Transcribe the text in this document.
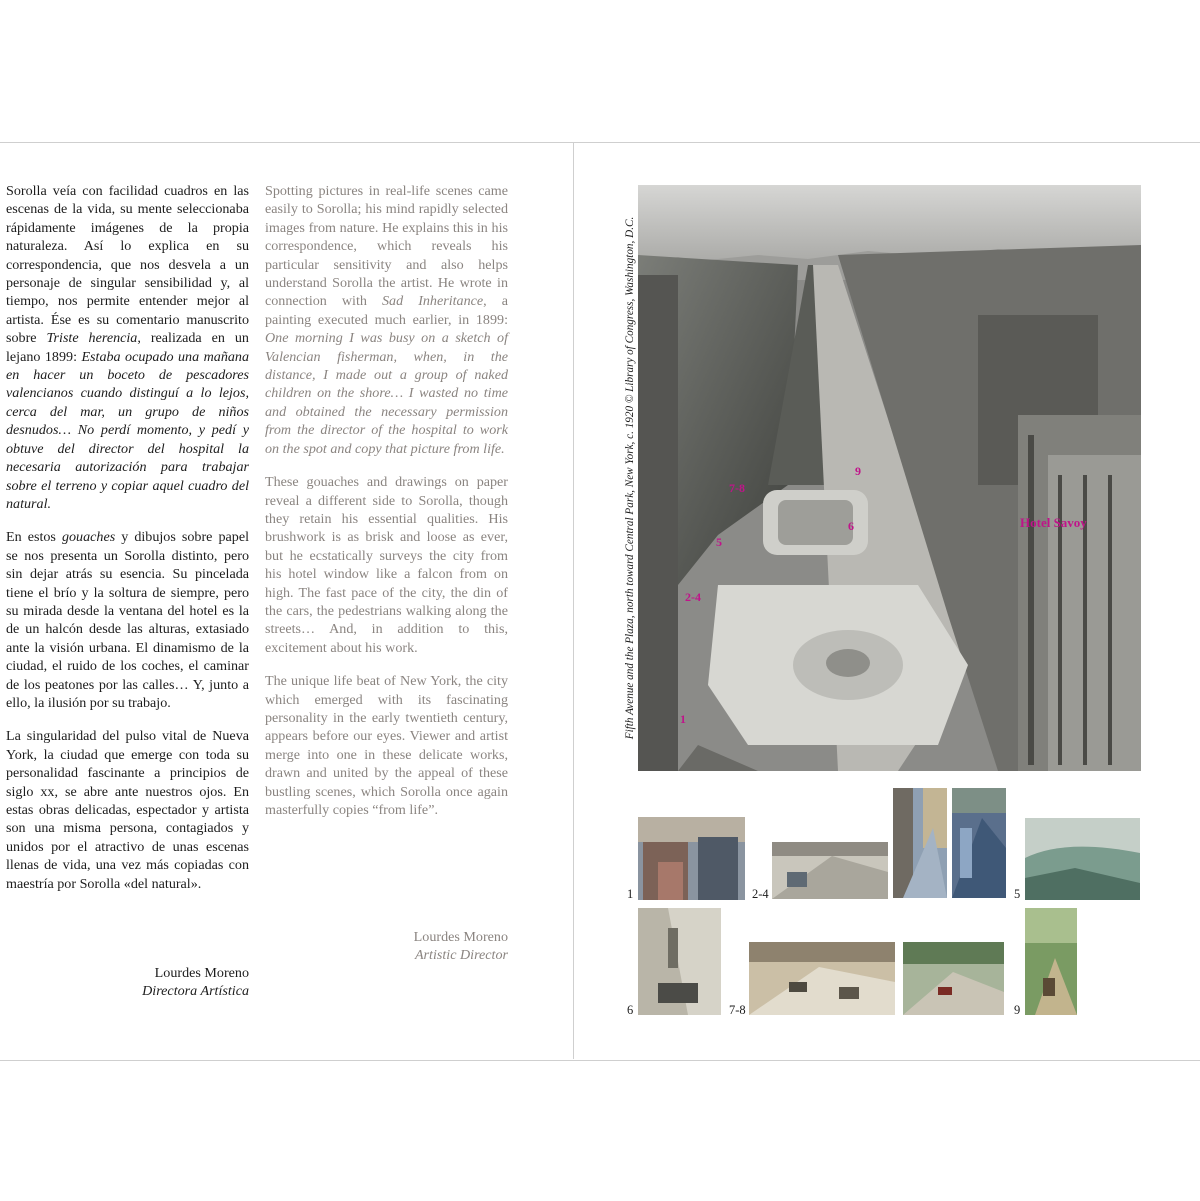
Sorolla veía con facilidad cuadros en las escenas de la vida, su mente seleccionaba rápidamente imágenes de la propia naturaleza. Así lo explica en su correspondencia, que nos desvela a un personaje de singular sensibilidad y, al tiempo, nos permite entender mejor al artista. Ése es su comentario manuscrito sobre Triste herencia, realizada en un lejano 1899: Estaba ocupado una mañana en hacer un boceto de pescadores valencianos cuando distinguí a lo lejos, cerca del mar, un grupo de niños desnudos… No perdí momento, y pedí y obtuve del director del hospital la necesaria autorización para trabajar sobre el terreno y copiar aquel cuadro del natural.

En estos gouaches y dibujos sobre papel se nos presenta un Sorolla distinto, pero sin dejar atrás su esencia. Su pincelada tiene el brío y la soltura de siempre, pero su mirada desde la ventana del hotel es la de un halcón desde las alturas, extasiado ante la visión urbana. El dinamismo de la ciudad, el ruido de los coches, el caminar de los peatones por las calles… Y, junto a ello, la ilusión por su trabajo.

La singularidad del pulso vital de Nueva York, la ciudad que emerge con toda su personalidad fascinante a principios de siglo xx, se abre ante nuestros ojos. En estas obras delicadas, espectador y artista son una misma persona, contagiados y unidos por el atractivo de unas escenas llenas de vida, una vez más copiadas con maestría por Sorolla «del natural».

Spotting pictures in real-life scenes came easily to Sorolla; his mind rapidly selected images from nature. He explains this in his correspondence, which reveals his particular sensitivity and also helps understand Sorolla the artist. He wrote in connection with Sad Inheritance, a painting executed much earlier, in 1899: One morning I was busy on a sketch of Valencian fisherman, when, in the distance, I made out a group of naked children on the shore… I wasted no time and obtained the necessary permission from the director of the hospital to work on the spot and copy that picture from life.

These gouaches and drawings on paper reveal a different side to Sorolla, though they retain his essential qualities. His brushwork is as brisk and loose as ever, but he ecstatically surveys the city from his hotel window like a falcon from on high. The fast pace of the city, the din of the cars, the pedestrians walking along the streets… And, in addition to this, excitement about his work.

The unique life beat of New York, the city which emerged with its fascinating personality in the early twentieth century, appears before our eyes. Viewer and artist merge into one in these delicate works, drawn and united by the appeal of these bustling scenes, which Sorolla once again masterfully copies “from life”.

Lourdes Moreno
Directora Artística
Lourdes Moreno
Artistic Director
Fifth Avenue and the Plaza, north toward Central Park, New York, c. 1920 © Library of Congress, Washington, D.C.	7-8
9
6
5
2-4
1
Hotel Savoy
1	2-4	5
6	7-8	9
